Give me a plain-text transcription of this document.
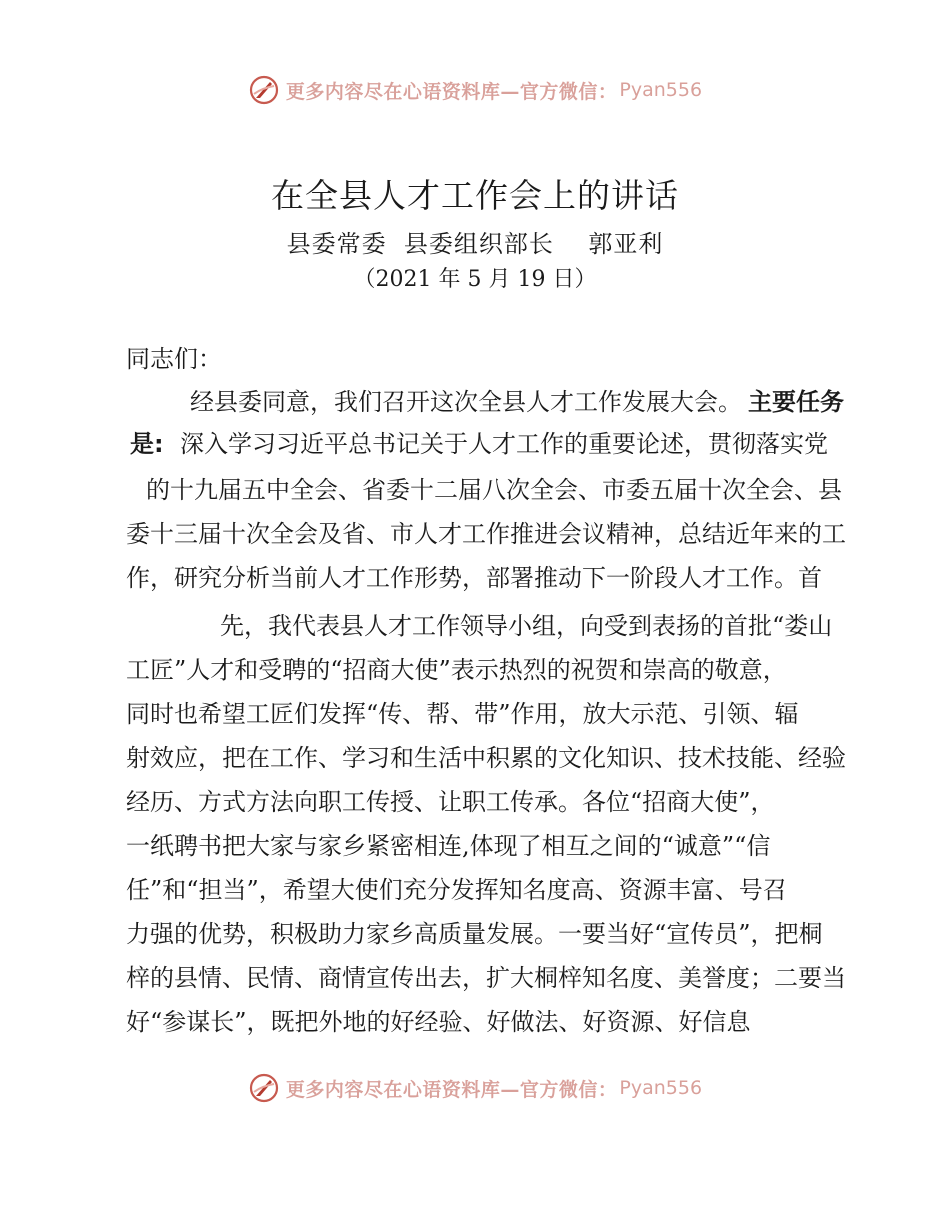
更多内容尽在心语资料库—官方微信： Pyan556
在全县人才工作会上的讲话
县委常委  县委组织部长    郭亚利
（2021 年 5 月 19 日）
同志们：
经县委同意，我们召开这次全县人才工作发展大会。 主要任务
是: 深入学习习近平总书记关于人才工作的重要论述，贯彻落实党
的十九届五中全会、省委十二届八次全会、市委五届十次全会、县
委十三届十次全会及省、市人才工作推进会议精神，总结近年来的工
作，研究分析当前人才工作形势，部署推动下一阶段人才工作。首
先，我代表县人才工作领导小组，向受到表扬的首批“娄山
工匠”人才和受聘的“招商大使”表示热烈的祝贺和崇高的敬意，
同时也希望工匠们发挥“传、帮、带”作用，放大示范、引领、辐
射效应，把在工作、学习和生活中积累的文化知识、技术技能、经验
经历、方式方法向职工传授、让职工传承。各位“招商大使”，
一纸聘书把大家与家乡紧密相连,体现了相互之间的“诚意”“信
任”和“担当”，希望大使们充分发挥知名度高、资源丰富、号召
力强的优势，积极助力家乡高质量发展。一要当好“宣传员”，把桐
梓的县情、民情、商情宣传出去，扩大桐梓知名度、美誉度；二要当
好“参谋长”，既把外地的好经验、好做法、好资源、好信息
更多内容尽在心语资料库—官方微信： Pyan556
